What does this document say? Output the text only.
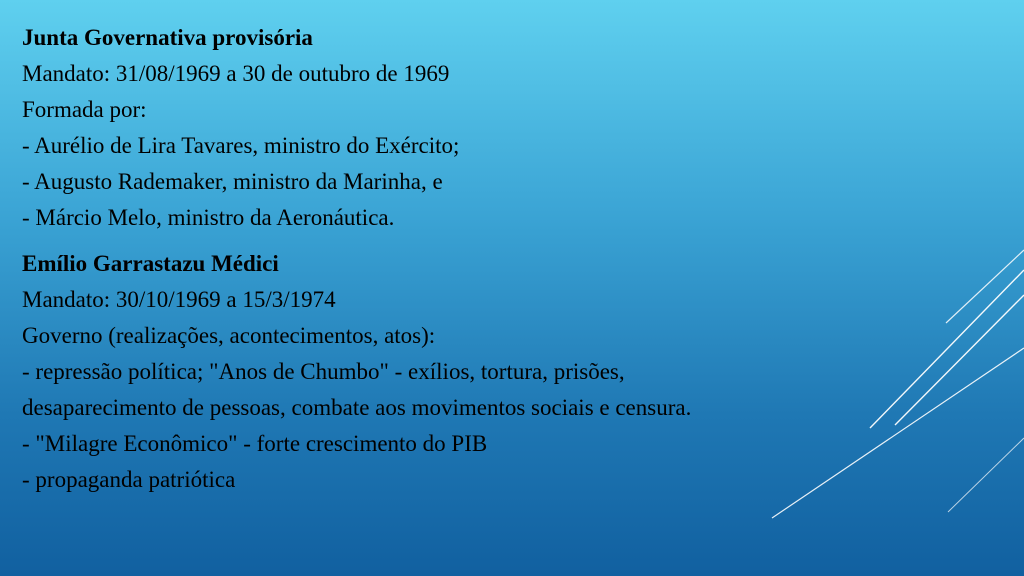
Junta Governativa provisória
Mandato: 31/08/1969 a 30 de outubro de 1969
Formada por:
- Aurélio de Lira Tavares, ministro do Exército;
- Augusto Rademaker, ministro da Marinha, e
- Márcio Melo, ministro da Aeronáutica.
Emílio Garrastazu Médici
Mandato: 30/10/1969 a 15/3/1974
Governo (realizações, acontecimentos, atos):
- repressão política; "Anos de Chumbo" - exílios, tortura, prisões,
desaparecimento de pessoas, combate aos movimentos sociais e censura.
- "Milagre Econômico" - forte crescimento do PIB
- propaganda patriótica
